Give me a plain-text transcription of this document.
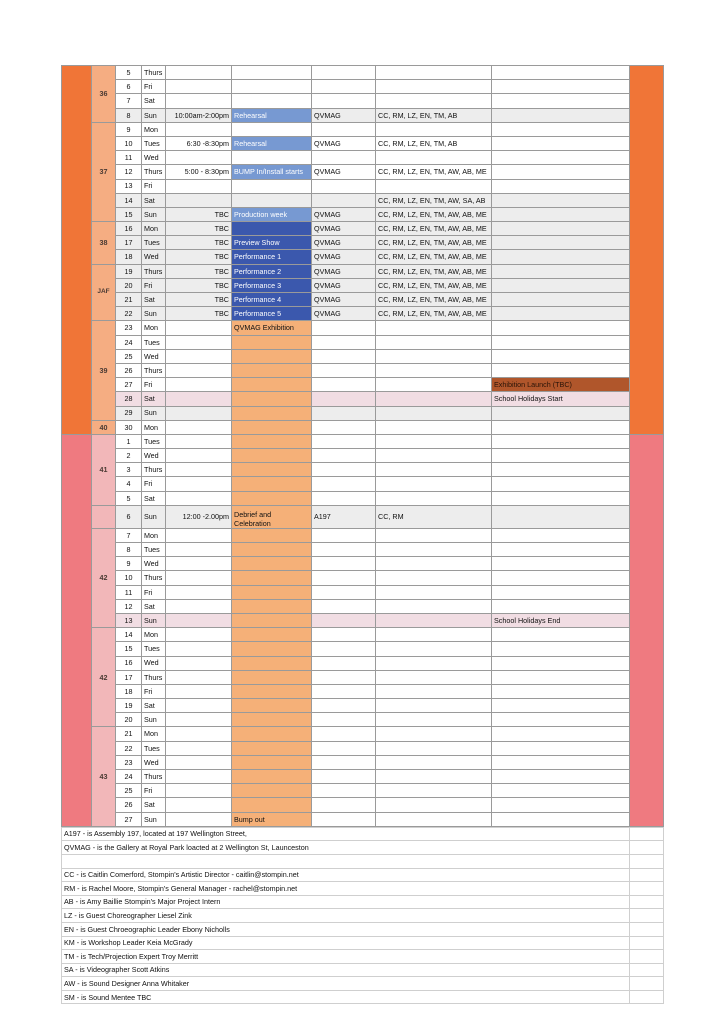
	36	5	Thurs						
		6	Fri						
		7	Sat						
		8	Sun	10:00am-2:00pm	Rehearsal	QVMAG	CC, RM, LZ, EN, TM, AB		
	37	9	Mon						
		10	Tues	6:30 -8:30pm	Rehearsal	QVMAG	CC, RM, LZ, EN, TM, AB		
		11	Wed						
		12	Thurs	5:00 - 8:30pm	BUMP In/Install starts	QVMAG	CC, RM, LZ, EN, TM, AW, AB, ME		
		13	Fri						
		14	Sat				CC, RM, LZ, EN, TM, AW, SA, AB		
		15	Sun	TBC	Production week	QVMAG	CC, RM, LZ, EN, TM, AW, AB, ME		
	38	16	Mon	TBC		QVMAG	CC, RM, LZ, EN, TM, AW, AB, ME		
		17	Tues	TBC	Preview Show	QVMAG	CC, RM, LZ, EN, TM, AW, AB, ME		
		18	Wed	TBC	Performance 1	QVMAG	CC, RM, LZ, EN, TM, AW, AB, ME		
	JAF	19	Thurs	TBC	Performance 2	QVMAG	CC, RM, LZ, EN, TM, AW, AB, ME		
		20	Fri	TBC	Performance 3	QVMAG	CC, RM, LZ, EN, TM, AW, AB, ME		
		21	Sat	TBC	Performance 4	QVMAG	CC, RM, LZ, EN, TM, AW, AB, ME		
		22	Sun	TBC	Performance 5	QVMAG	CC, RM, LZ, EN, TM, AW, AB, ME		
	39	23	Mon		QVMAG Exhibition				
		24	Tues						
		25	Wed						
		26	Thurs						
		27	Fri					Exhibition Launch (TBC)	
		28	Sat					School Holidays Start	
		29	Sun						
	40	30	Mon						
	41	1	Tues						
		2	Wed						
		3	Thurs						
		4	Fri						
		5	Sat						
		6	Sun	12:00 -2.00pm	Debrief and Celebration	A197	CC, RM		
	42	7	Mon						
		8	Tues						
		9	Wed						
		10	Thurs						
		11	Fri						
		12	Sat						
		13	Sun					School Holidays End	
	42	14	Mon						
		15	Tues						
		16	Wed						
		17	Thurs						
		18	Fri						
		19	Sat						
		20	Sun						
	43	21	Mon						
		22	Tues						
		23	Wed						
		24	Thurs						
		25	Fri						
		26	Sat						
		27	Sun		Bump out				
A197 - is Assembly 197, located at 197 Wellington Street,	
QVMAG - is the Gallery at Royal Park loacted at 2 Wellington St, Launceston	

CC - is Caitlin Comerford, Stompin's Artistic Director - caitlin@stompin.net	
RM - is Rachel Moore, Stompin's General Manager - rachel@stompin.net	
AB - is Amy Baillie Stompin's Major Project Intern	
LZ - is Guest Choreographer Liesel Zink	
EN - is Guest Chroeographic Leader Ebony Nicholls	
KM - is Workshop Leader Keia McGrady	
TM - is Tech/Projection Expert Troy Merritt	
SA - is Videographer Scott Atkins	
AW - is Sound Designer Anna Whitaker	
SM - is Sound Mentee TBC	
